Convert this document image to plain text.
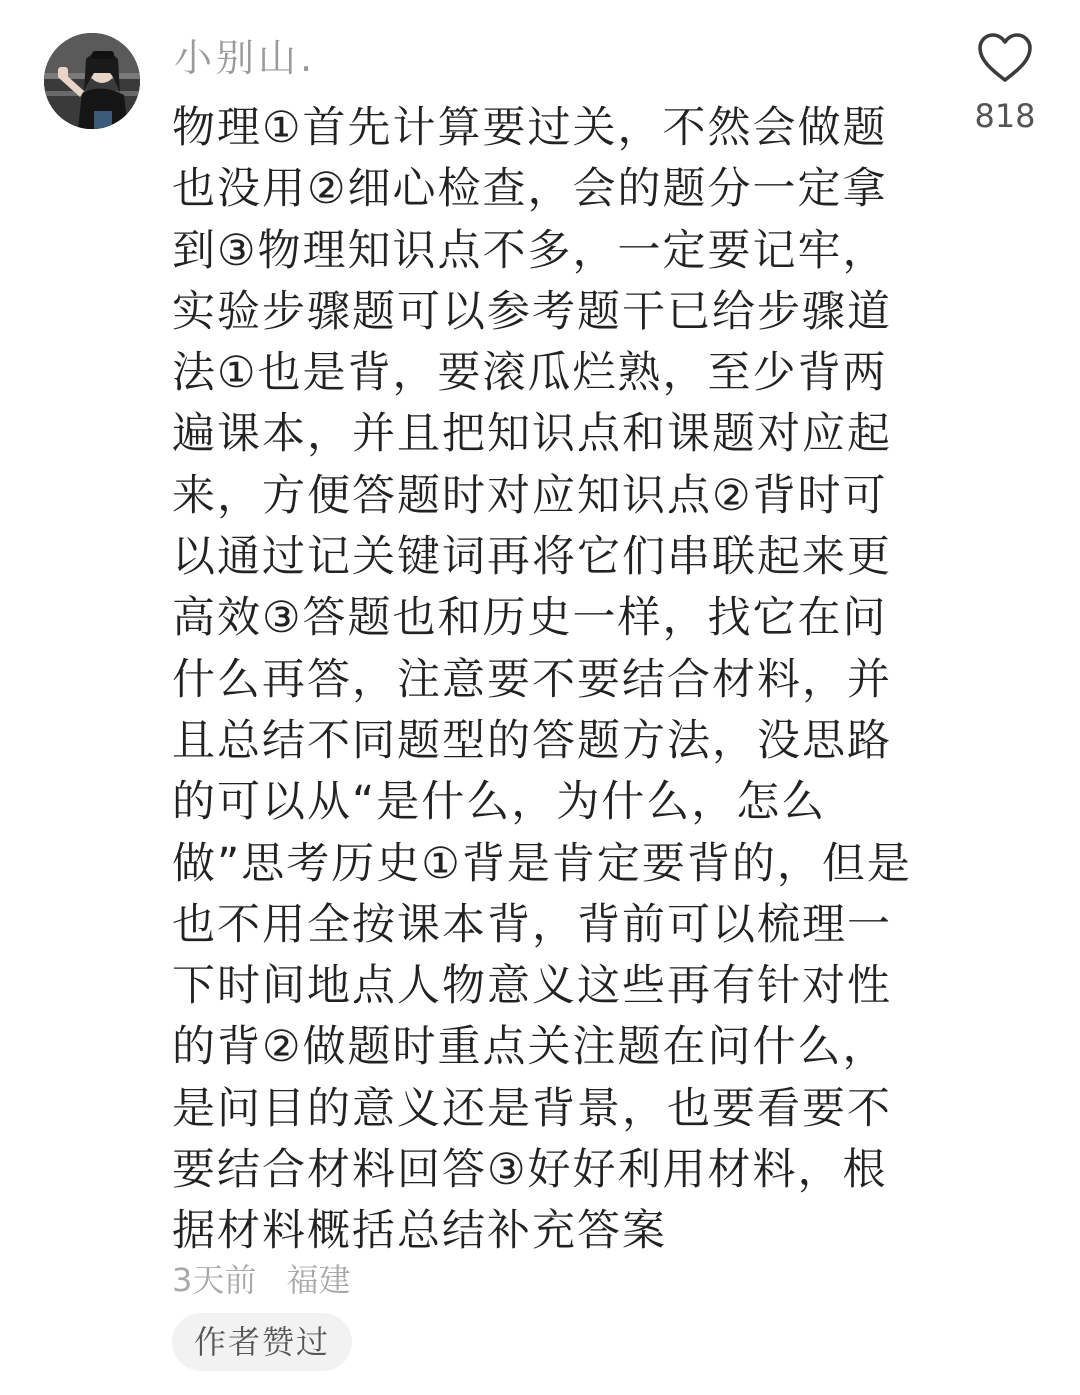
小别山.
物理①首先计算要过关，不然会做题也没用②细心检查，会的题分一定拿到③物理知识点不多，一定要记牢，实验步骤题可以参考题干已给步骤道法①也是背，要滚瓜烂熟，至少背两遍课本，并且把知识点和课题对应起来，方便答题时对应知识点②背时可以通过记关键词再将它们串联起来更高效③答题也和历史一样，找它在问什么再答，注意要不要结合材料，并且总结不同题型的答题方法，没思路的可以从“是什么，为什么，怎么做”思考历史①背是肯定要背的，但是也不用全按课本背，背前可以梳理一下时间地点人物意义这些再有针对性的背②做题时重点关注题在问什么，是问目的意义还是背景，也要看要不要结合材料回答③好好利用材料，根据材料概括总结补充答案
3天前 福建
作者赞过
818
